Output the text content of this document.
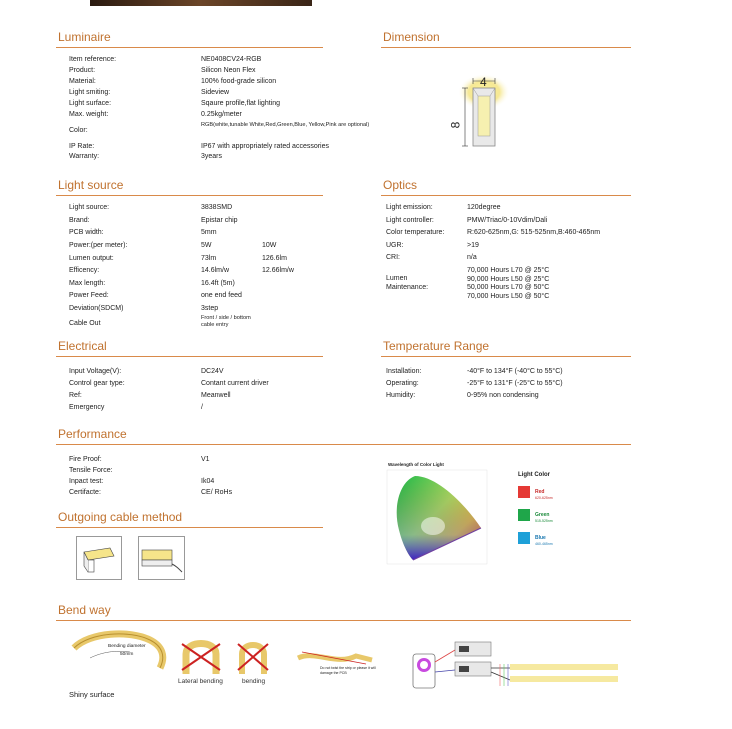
Luminaire	Dimension
Light source	Optics
Electrical	Temperature Range
Performance
Outgoing cable method
Bend way
Item reference:	NE0408CV24-RGB
Product:	Silicon Neon Flex
Material:	100% food-grade silicon
Light smiting:	Sideview
Light surface:	Sqaure profile,flat lighting
Max. weight:	0.25kg/meter
Color:
RGB(white,tunable White,Red,Green,Blue, Yellow,Pink are optional)
IP Rate:	IP67 with appropriately rated accessories
Warranty:	3years
4
8
Light source:	3838SMD
Brand:	Epistar chip
PCB width:	5mm
Power:(per meter):	5W	10W
Lumen output:	73lm	126.6lm
Efficency:	14.6lm/w	12.66lm/w
Max length:	16.4ft (5m)
Power Feed:	one end feed
Deviation(SDCM)	3step
Cable Out
Front / side / bottom cable entry
Light emission:	120degree
Light controller:	PMW/Triac/0-10Vdim/Dali
Color temperature:	R:620-625nm,G: 515-525nm,B:460-465nm
UGR:	>19
CRI:	n/a
Lumen Maintenance:
70,000 Hours L70 @ 25°C
90,000 Hours L50 @ 25°C
50,000 Hours L70 @ 50°C
70,000 Hours L50 @ 50°C
Input Voltage(V):	DC24V
Control gear type:	Contant current driver
Ref:	Meanwell
Emergency	/
Installation:	-40°F to 134°F (-40°C to 55°C)
Operating:	-25°F to 131°F (-25°C to 55°C)
Humidity:	0-95% non condensing
Fire Proof:	V1
Tensile Force:
Inpact test:	Ik04
Certifacte:	CE/ RoHs
Wavelength of Color Light
Light Color
Red
620-625nm
Green
515-525nm
Blue
460-465nm
Bending diameter
50mm
Shiny surface
Lateral bending	bending
Do not twist the strip or please it will damage the PCB
